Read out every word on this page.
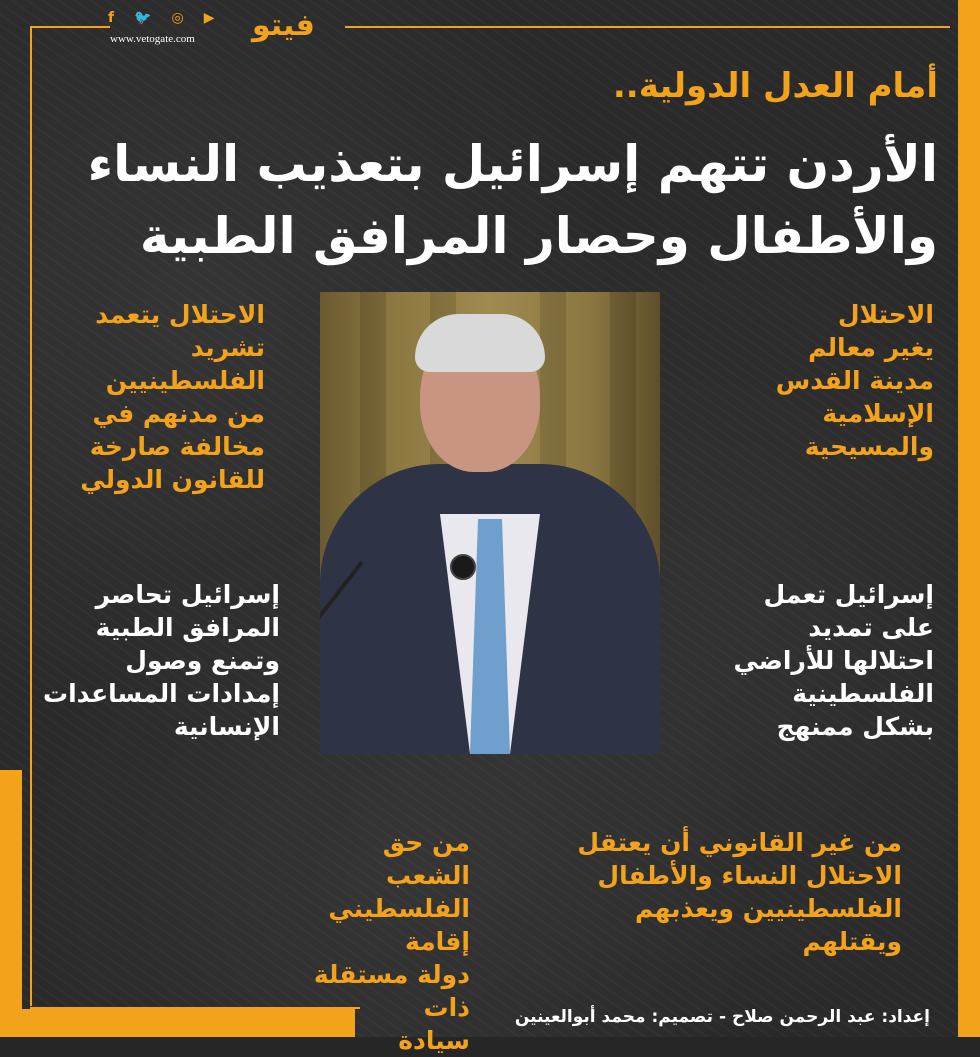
f 🐦 ◎ ▶
www.vetogate.com فيتو
أمام العدل الدولية..
الأردن تتهم إسرائيل بتعذيب النساء
والأطفال وحصار المرافق الطبية
الاحتلال
يغير معالم
مدينة القدس
الإسلامية
والمسيحية
الاحتلال يتعمد
تشريد الفلسطينيين
من مدنهم في
مخالفة صارخة
للقانون الدولي
إسرائيل تعمل
على تمديد
احتلالها للأراضي
الفلسطينية
بشكل ممنهج
إسرائيل تحاصر
المرافق الطبية
وتمنع وصول
إمدادات المساعدات
الإنسانية
من غير القانوني أن يعتقل
الاحتلال النساء والأطفال
الفلسطينيين ويعذبهم
ويقتلهم
من حق الشعب
الفلسطيني إقامة
دولة مستقلة ذات
سيادة
إعداد: عبد الرحمن صلاح - تصميم: محمد أبوالعينين
